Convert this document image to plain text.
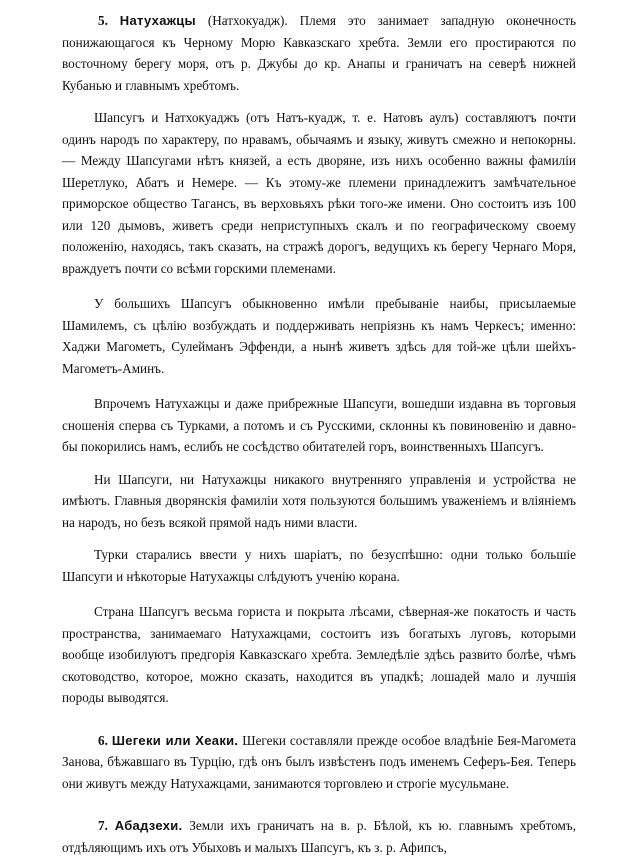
5. Натухажцы (Натхокуадж). Племя это занимает западную оконечность понижающагося къ Черному Морю Кавказскаго хребта. Земли его простираются по восточному берегу моря, отъ р. Джубы до кр. Анапы и граничатъ на северѣ нижней Кубанью и главнымъ хребтомъ.

Шапсугъ и Натхокуаджъ (отъ Натъ-куадж, т. е. Натовъ аулъ) составляютъ почти одинъ народъ по характеру, по нравамъ, обычаямъ и языку, живутъ смежно и непокорны.— Между Шапсугами нѣтъ князей, а есть дворяне, изъ нихъ особенно важны фамиліи Шеретлуко, Абатъ и Немере. — Къ этому-же племени принадлежитъ замѣчательное приморское общество Тагансъ, въ верховьяхъ рѣки того-же имени. Оно состоитъ изъ 100 или 120 дымовъ, живетъ среди неприступныхъ скалъ и по географическому своему положенію, находясь, такъ сказать, на стражѣ дорогъ, ведущихъ къ берегу Чернаго Моря, враждуетъ почти со всѣми горскими племенами.

У большихъ Шапсугъ обыкновенно имѣли пребываніе наибы, присылаемые Шамилемъ, съ цѣлію возбуждать и поддерживать непріязнь къ намъ Черкесъ; именно: Хаджи Магометъ, Сулейманъ Эффенди, а нынѣ живетъ здѣсь для той-же цѣли шейхъ-Магометъ-Аминъ.

Впрочемъ Натухажцы и даже прибрежные Шапсуги, вошедши издавна въ торговыя сношенія сперва съ Турками, а потомъ и съ Русскими, склонны къ повиновенію и давно-бы покорились намъ, еслибъ не сосѣдство обитателей горъ, воинственныхъ Шапсугъ.

Ни Шапсуги, ни Натухажцы никакого внутренняго управленія и устройства не имѣютъ. Главныя дворянскія фамиліи хотя пользуются большимъ уваженіемъ и вліяніемъ на народъ, но безъ всякой прямой надъ ними власти.

Турки старались ввести у нихъ шаріатъ, по безуспѣшно: одни только большіе Шапсуги и нѣкоторые Натухажцы слѣдуютъ ученію корана.

Страна Шапсугъ весьма гориста и покрыта лѣсами, сѣверная-же покатость и часть пространства, занимаемаго Натухажцами, состоитъ изъ богатыхъ луговъ, которыми вообще изобилуютъ предгорія Кавказскаго хребта. Земледѣліе здѣсь развито болѣе, чѣмъ скотоводство, которое, можно сказать, находится въ упадкѣ; лошадей мало и лучшія породы выводятся.

6. Шегеки или Хеаки. Шегеки составляли прежде особое владѣніе Бея-Магомета Занова, бѣжавшаго въ Турцію, гдѣ онъ былъ извѣстенъ подъ именемъ Сеферъ-Бея. Теперь они живутъ между Натухажцами, занимаются торговлею и строгіе мусульмане.

7. Абадзехи. Земли ихъ граничатъ на в. р. Бѣлой, къ ю. главнымъ хребтомъ, отдѣляющимъ ихъ отъ Убыховъ и малыхъ Шапсугъ, къ з. р. Афипсъ,
